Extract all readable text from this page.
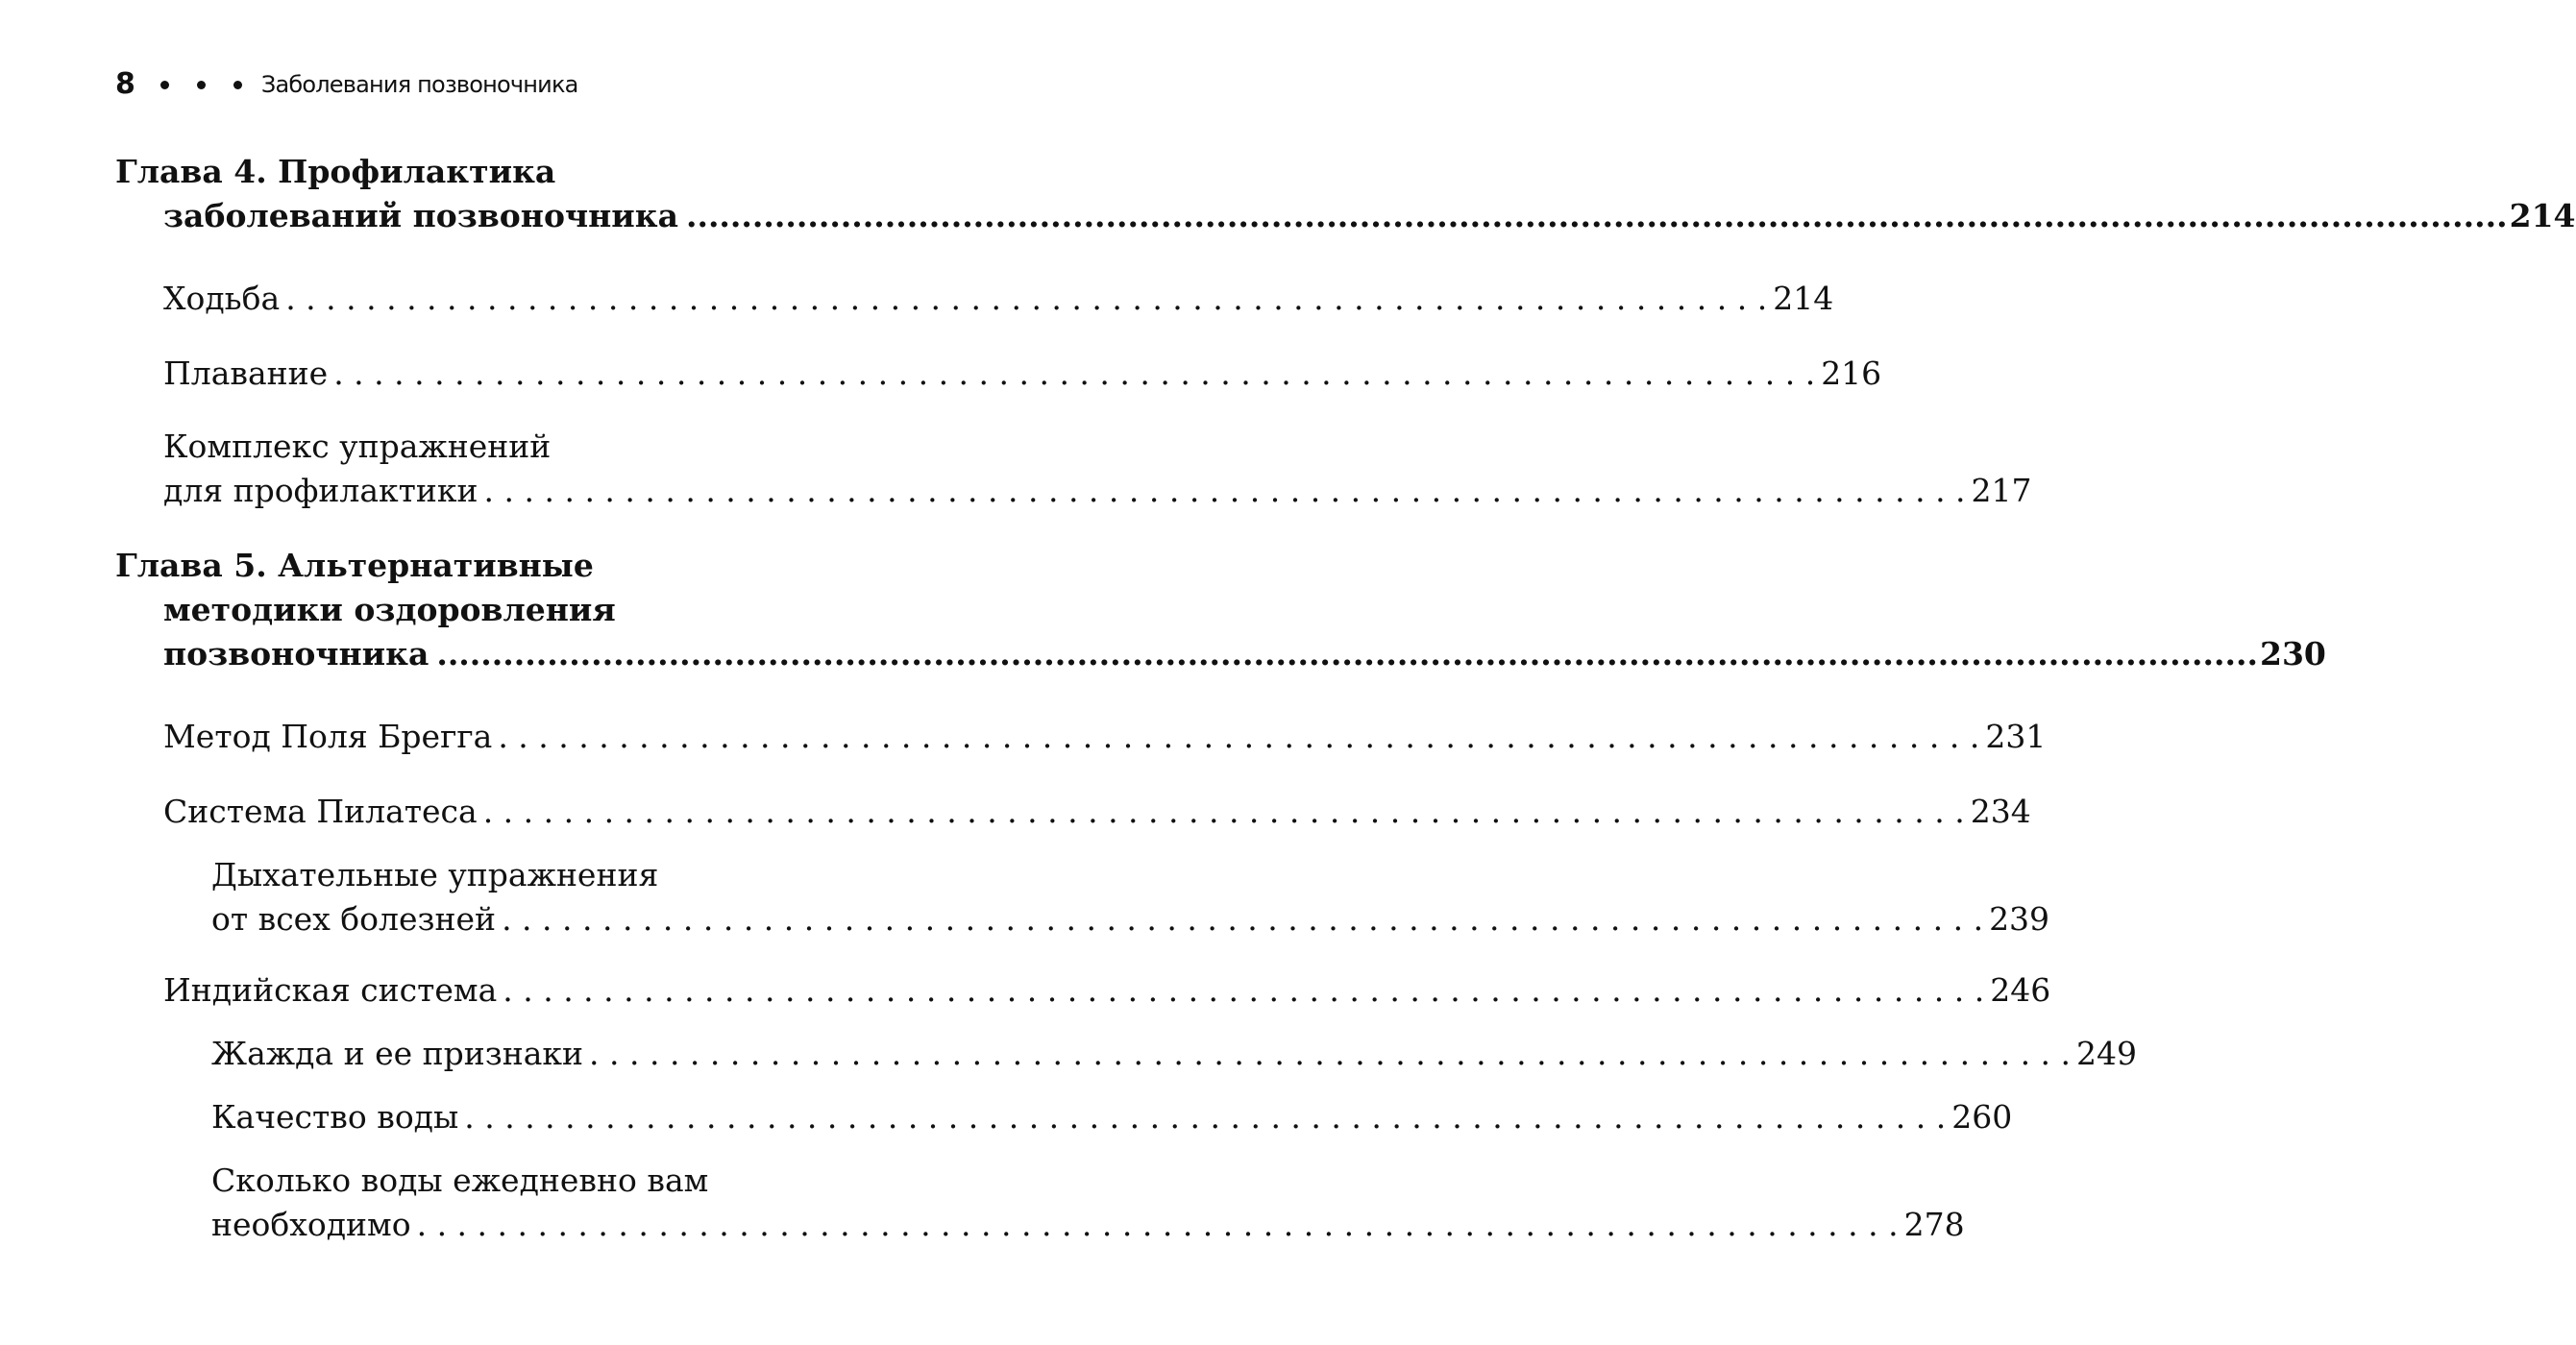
8	Заболевания позвоночника
Глава 4. Профилактика
заболеваний позвоночника ..................................................................................................................................................................... 214
Ходьба . . . . . . . . . . . . . . . . . . . . . . . . . . . . . . . . . . . . . . . . . . . . . . . . . . . . . . . . . . . . . . . . . . . . . . . . . . 214
Плавание . . . . . . . . . . . . . . . . . . . . . . . . . . . . . . . . . . . . . . . . . . . . . . . . . . . . . . . . . . . . . . . . . . . . . . . . . . 216
Комплекс упражнений
для профилактики . . . . . . . . . . . . . . . . . . . . . . . . . . . . . . . . . . . . . . . . . . . . . . . . . . . . . . . . . . . . . . . . . . . . . . . . . . 217
Глава 5. Альтернативные
методики оздоровления
позвоночника ..................................................................................................................................................................... 230
Метод Поля Брегга . . . . . . . . . . . . . . . . . . . . . . . . . . . . . . . . . . . . . . . . . . . . . . . . . . . . . . . . . . . . . . . . . . . . . . . . . . 231
Система Пилатеса . . . . . . . . . . . . . . . . . . . . . . . . . . . . . . . . . . . . . . . . . . . . . . . . . . . . . . . . . . . . . . . . . . . . . . . . . . 234
Дыхательные упражнения
от всех болезней . . . . . . . . . . . . . . . . . . . . . . . . . . . . . . . . . . . . . . . . . . . . . . . . . . . . . . . . . . . . . . . . . . . . . . . . . . 239
Индийская система . . . . . . . . . . . . . . . . . . . . . . . . . . . . . . . . . . . . . . . . . . . . . . . . . . . . . . . . . . . . . . . . . . . . . . . . . . 246
Жажда и ее признаки . . . . . . . . . . . . . . . . . . . . . . . . . . . . . . . . . . . . . . . . . . . . . . . . . . . . . . . . . . . . . . . . . . . . . . . . . . 249
Качество воды . . . . . . . . . . . . . . . . . . . . . . . . . . . . . . . . . . . . . . . . . . . . . . . . . . . . . . . . . . . . . . . . . . . . . . . . . . 260
Сколько воды ежедневно вам
необходимо . . . . . . . . . . . . . . . . . . . . . . . . . . . . . . . . . . . . . . . . . . . . . . . . . . . . . . . . . . . . . . . . . . . . . . . . . . 278
